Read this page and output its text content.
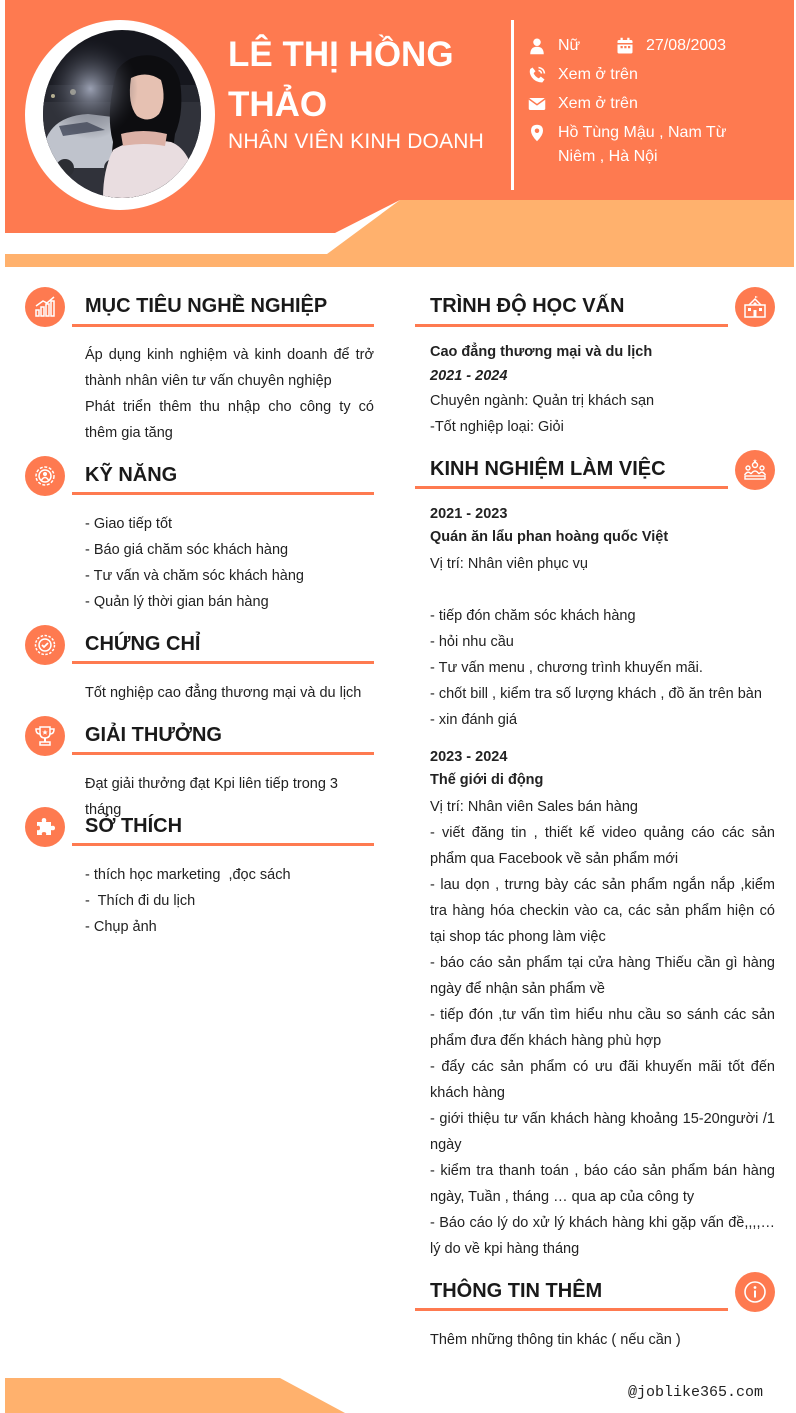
LÊ THỊ HỒNG THẢO
NHÂN VIÊN KINH DOANH
Nữ	27/08/2003
Xem ở trên
Xem ở trên
Hồ Tùng Mậu , Nam Từ Niêm , Hà Nội
MỤC TIÊU NGHỀ NGHIỆP

Áp dụng kinh nghiệm và kinh doanh để trở thành nhân viên tư vấn chuyên nghiệp

Phát triển thêm thu nhập cho công ty có thêm gia tăng

KỸ NĂNG

- Giao tiếp tốt

- Báo giá chăm sóc khách hàng

- Tư vấn và chăm sóc khách hàng

- Quản lý thời gian bán hàng

CHỨNG CHỈ

Tốt nghiệp cao đẳng thương mại và du lịch

GIẢI THƯỞNG

Đạt giải thưởng đạt Kpi liên tiếp trong 3 tháng

SỞ THÍCH

- thích học marketing  ,đọc sách

-  Thích đi du lịch

- Chụp ảnh

TRÌNH ĐỘ HỌC VẤN

Cao đẳng thương mại và du lịch

2021 - 2024

Chuyên ngành: Quản trị khách sạn

-Tốt nghiệp loại: Giỏi

KINH NGHIỆM LÀM VIỆC

2021 - 2023

Quán ăn lẩu phan hoàng quốc Việt

Vị trí: Nhân viên phục vụ

- tiếp đón chăm sóc khách hàng

- hỏi nhu cầu

- Tư vấn menu , chương trình khuyến mãi.

- chốt bill , kiểm tra số lượng khách , đồ ăn trên bàn

- xin đánh giá

2023 - 2024

Thế giới di động

Vị trí: Nhân viên Sales bán hàng

- viết đăng tin , thiết kế video quảng cáo các sản phẩm qua Facebook về sản phẩm mới

- lau dọn , trưng bày các sản phẩm ngắn nắp ,kiểm tra hàng hóa checkin vào ca, các sản phẩm hiện có tại shop tác phong làm việc

- báo cáo sản phẩm tại cửa hàng Thiếu cần gì hàng ngày để nhận sản phẩm về

- tiếp đón ,tư vấn tìm hiểu nhu cầu so sánh các sản phẩm đưa đến khách hàng phù hợp

- đẩy các sản phẩm có ưu đãi khuyến mãi tốt đến khách hàng

- giới thiệu tư vấn khách hàng khoảng 15-20người /1 ngày

- kiểm tra thanh toán , báo cáo sản phẩm bán hàng ngày, Tuần , tháng … qua ap của công ty

- Báo cáo lý do xử lý khách hàng khi gặp vấn đề,,,,…lý do về kpi hàng tháng

THÔNG TIN THÊM

Thêm những thông tin khác ( nếu cần )

@joblike365.com
